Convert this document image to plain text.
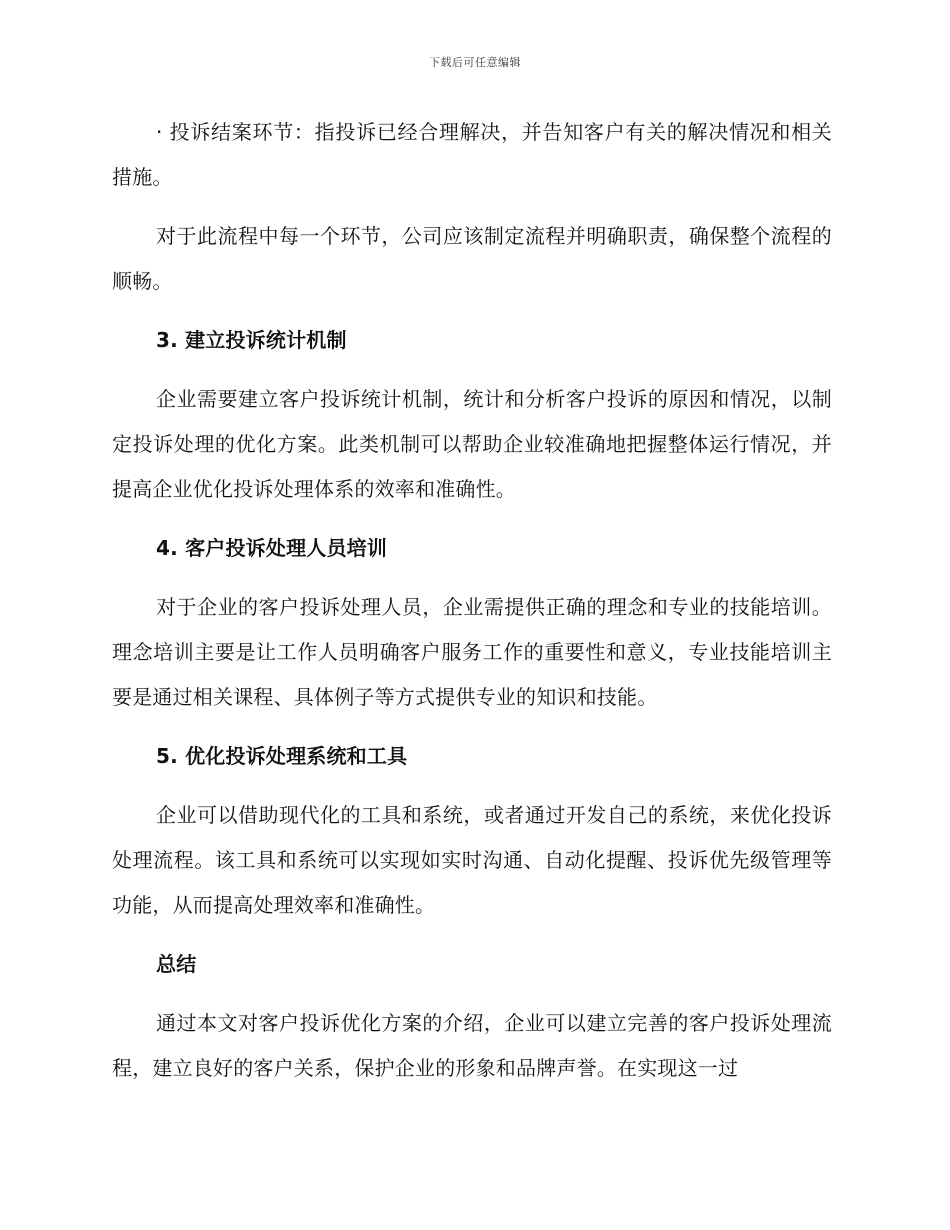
下载后可任意编辑

· 投诉结案环节：指投诉已经合理解决，并告知客户有关的解决情况和相关措施。

对于此流程中每一个环节，公司应该制定流程并明确职责，确保整个流程的顺畅。

3. 建立投诉统计机制

企业需要建立客户投诉统计机制，统计和分析客户投诉的原因和情况，以制定投诉处理的优化方案。此类机制可以帮助企业较准确地把握整体运行情况，并提高企业优化投诉处理体系的效率和准确性。

4. 客户投诉处理人员培训

对于企业的客户投诉处理人员，企业需提供正确的理念和专业的技能培训。理念培训主要是让工作人员明确客户服务工作的重要性和意义，专业技能培训主要是通过相关课程、具体例子等方式提供专业的知识和技能。

5. 优化投诉处理系统和工具

企业可以借助现代化的工具和系统，或者通过开发自己的系统，来优化投诉处理流程。该工具和系统可以实现如实时沟通、自动化提醒、投诉优先级管理等功能，从而提高处理效率和准确性。

总结

通过本文对客户投诉优化方案的介绍，企业可以建立完善的客户投诉处理流程，建立良好的客户关系，保护企业的形象和品牌声誉。在实现这一过
